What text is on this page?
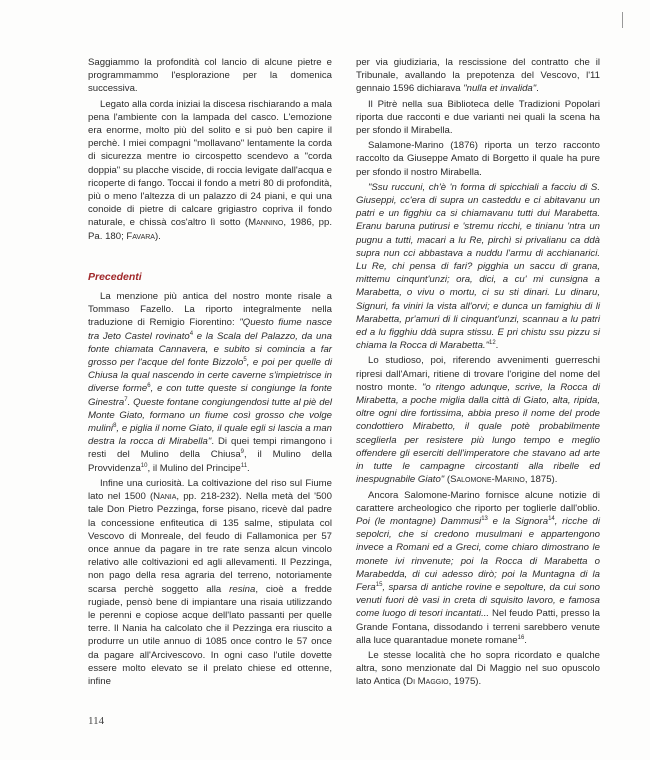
Saggiammo la profondità col lancio di alcune pietre e programmammo l'esplorazione per la domenica successiva.

Legato alla corda iniziai la discesa rischiarando a mala pena l'ambiente con la lampada del casco. L'emozione era enorme, molto più del solito e si può ben capire il perchè. I miei compagni "mollavano" lentamente la corda di sicurezza mentre io circospetto scendevo a "corda doppia" su placche viscide, di roccia levigate dall'acqua e ricoperte di fango. Toccai il fondo a metri 80 di profondità, più o meno l'altezza di un palazzo di 24 piani, e qui una conoide di pietre di calcare grigiastro copriva il fondo naturale, e chissà cos'altro lì sotto (Mannino, 1986, pp. Pa. 180; Favara).

Precedenti

La menzione più antica del nostro monte risale a Tommaso Fazello. La riporto integralmente nella traduzione di Remigio Fiorentino: "Questo fiume nasce tra Jeto Castel rovinato$^4$ e la Scala del Palazzo, da una fonte chiamata Cannavera, e subito si comincia a far grosso per l'acque del fonte Bizzolo$^5$, e poi per quelle di Chiusa la qual nascendo in certe caverne s'impietrisce in diverse forme$^6$, e con tutte queste si congiunge la fonte Ginestra$^7$. Queste fontane congiungendosi tutte al piè del Monte Giato, formano un fiume così grosso che volge mulini$^8$, e piglia il nome Giato, il quale egli si lascia a man destra la rocca di Mirabella". Di quei tempi rimangono i resti del Mulino della Chiusa$^9$, il Mulino della Provvidenza$^{10}$, il Mulino del Principe$^{11}$.

Infine una curiosità. La coltivazione del riso sul Fiume lato nel 1500 (Nania, pp. 218-232). Nella metà del '500 tale Don Pietro Pezzinga, forse pisano, ricevè dal padre la concessione enfiteutica di 135 salme, stipulata col Vescovo di Monreale, del feudo di Fallamonica per 57 once annue da pagare in tre rate senza alcun vincolo relativo alle coltivazioni ed agli allevamenti. Il Pezzinga, non pago della resa agraria del terreno, notoriamente scarsa perchè soggetto alla resina, cioè a fredde rugiade, pensò bene di impiantare una risaia utilizzando le perenni e copiose acque dell'lato passanti per quelle terre. Il Nania ha calcolato che il Pezzinga era riuscito a produrre un utile annuo di 1085 once contro le 57 once da pagare all'Arcivescovo. In ogni caso l'utile dovette essere molto elevato se il prelato chiese ed ottenne, infine

per via giudiziaria, la rescissione del contratto che il Tribunale, avallando la prepotenza del Vescovo, l'11 gennaio 1596 dichiarava "nulla et invalida".

Il Pitrè nella sua Biblioteca delle Tradizioni Popolari riporta due racconti e due varianti nei quali la scena ha per sfondo il Mirabella.

Salamone-Marino (1876) riporta un terzo racconto raccolto da Giuseppe Amato di Borgetto il quale ha pure per sfondo il nostro Mirabella.

"Ssu ruccuni, ch'è 'n forma di spicchiali a facciu di S. Giuseppi, cc'era di supra un casteddu e ci abitavanu un patri e un figghiu ca si chiamavanu tutti dui Marabetta. Eranu baruna putirusi e 'stremu ricchi, e tinianu 'ntra un pugnu a tutti, macari a lu Re, pirchì si privalianu ca ddà supra nun cci abbastava a nuddu l'armu di acchianarici. Lu Re, chi pensa di fari? pigghia un saccu di grana, mittemu cinqunt'unzi; ora, dici, a cu' mi cunsigna a Marabetta, o vivu o mortu, ci su sti dinari. Lu dinaru, Signuri, fa viniri la vista all'orvi; e dunca un famighiu di li Marabetta, pr'amuri di li cinquant'unzi, scannau a lu patri ed a lu figghiu ddà supra stissu. E pri chistu ssu pizzu si chiama la Rocca di Marabetta."$^{12}$.

Lo studioso, poi, riferendo avvenimenti guerreschi ripresi dall'Amari, ritiene di trovare l'origine del nome del nostro monte. "o ritengo adunque, scrive, la Rocca di Mirabetta, a poche miglia dalla città di Giato, alta, ripida, oltre ogni dire fortissima, abbia preso il nome del prode condottiero Mirabetto, il quale potè probabilmente sceglierla per resistere più lungo tempo e meglio offendere gli eserciti dell'imperatore che stavano ad arte in tutte le campagne circostanti alla ribelle ed inespugnabile Giato" (Salomone-Marino, 1875).

Ancora Salomone-Marino fornisce alcune notizie di carattere archeologico che riporto per toglierle dall'oblio. Poi (le montagne) Dammusi$^{13}$ e la Signora$^{14}$, ricche di sepolcri, che si credono musulmani e appartengono invece a Romani ed a Greci, come chiaro dimostrano le monete ivi rinvenute; poi la Rocca di Marabetta o Marabedda, di cui adesso dirò; poi la Muntagna di la Fera$^{15}$, sparsa di antiche rovine e sepolture, da cui sono venuti fuori dè vasi in creta di squisito lavoro, e famosa come luogo di tesori incantati... Nel feudo Patti, presso la Grande Fontana, dissodando i terreni sarebbero venute alla luce quarantadue monete romane$^{16}$.

Le stesse località che ho sopra ricordato e qualche altra, sono menzionate dal Di Maggio nel suo opuscolo lato Antica (Di Maggio, 1975).

114
